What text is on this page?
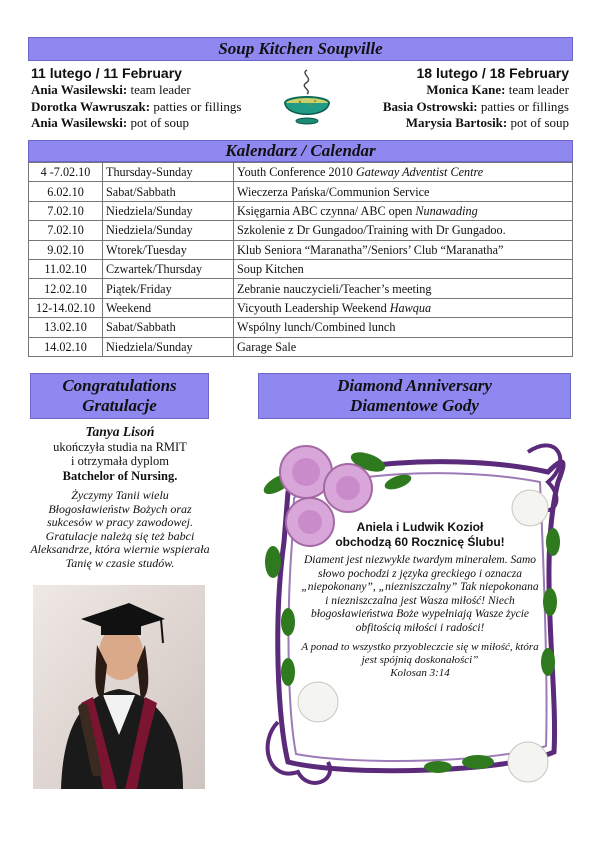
Soup Kitchen Soupville
11 lutego / 11 February
Ania Wasilewski: team leader
Dorotka Wawruszak: patties or fillings
Ania Wasilewski: pot of soup
18 lutego / 18 February
Monica Kane: team leader
Basia Ostrowski: patties or fillings
Marysia Bartosik: pot of soup
Kalendarz / Calendar
4 -7.02.10	Thursday-Sunday	Youth Conference 2010 Gateway Adventist Centre
6.02.10	Sabat/Sabbath	Wieczerza Pańska/Communion Service
7.02.10	Niedziela/Sunday	Księgarnia ABC czynna/ ABC open Nunawading
7.02.10	Niedziela/Sunday	Szkolenie z Dr Gungadoo/Training with Dr Gungadoo.
9.02.10	Wtorek/Tuesday	Klub Seniora “Maranatha”/Seniors’ Club “Maranatha”
11.02.10	Czwartek/Thursday	Soup Kitchen
12.02.10	Piątek/Friday	Zebranie nauczycieli/Teacher’s meeting
12-14.02.10	Weekend	Vicyouth Leadership Weekend Hawqua
13.02.10	Sabat/Sabbath	Wspólny lunch/Combined lunch
14.02.10	Niedziela/Sunday	Garage Sale
Congratulations
Gratulacje
Tanya Lisoń
ukończyła studia na RMIT
i otrzymała dyplom
Batchelor of Nursing.
Życzymy Tanii wielu Błogosławieństw Bożych oraz sukcesów w pracy zawodowej. Gratulacje należą się też babci Aleksandrze, która wiernie wspierała Tanię w czasie studów.
Diamond Anniversary
Diamentowe Gody
Aniela i Ludwik Kozioł
obchodzą 60 Rocznicę Ślubu!
Diament jest niezwykle twardym minerałem. Samo słowo pochodzi z języka greckiego i oznacza „niepokonany”, „niezniszczalny” Tak niepokonana i niezniszczalna jest Wasza miłość! Niech błogosławieństwa Boże wypełniają Wasze życie obfitością miłości i radości!
A ponad to wszystko przyobleczcie się w miłość, która jest spójnią doskonałości”
Kolosan 3:14
